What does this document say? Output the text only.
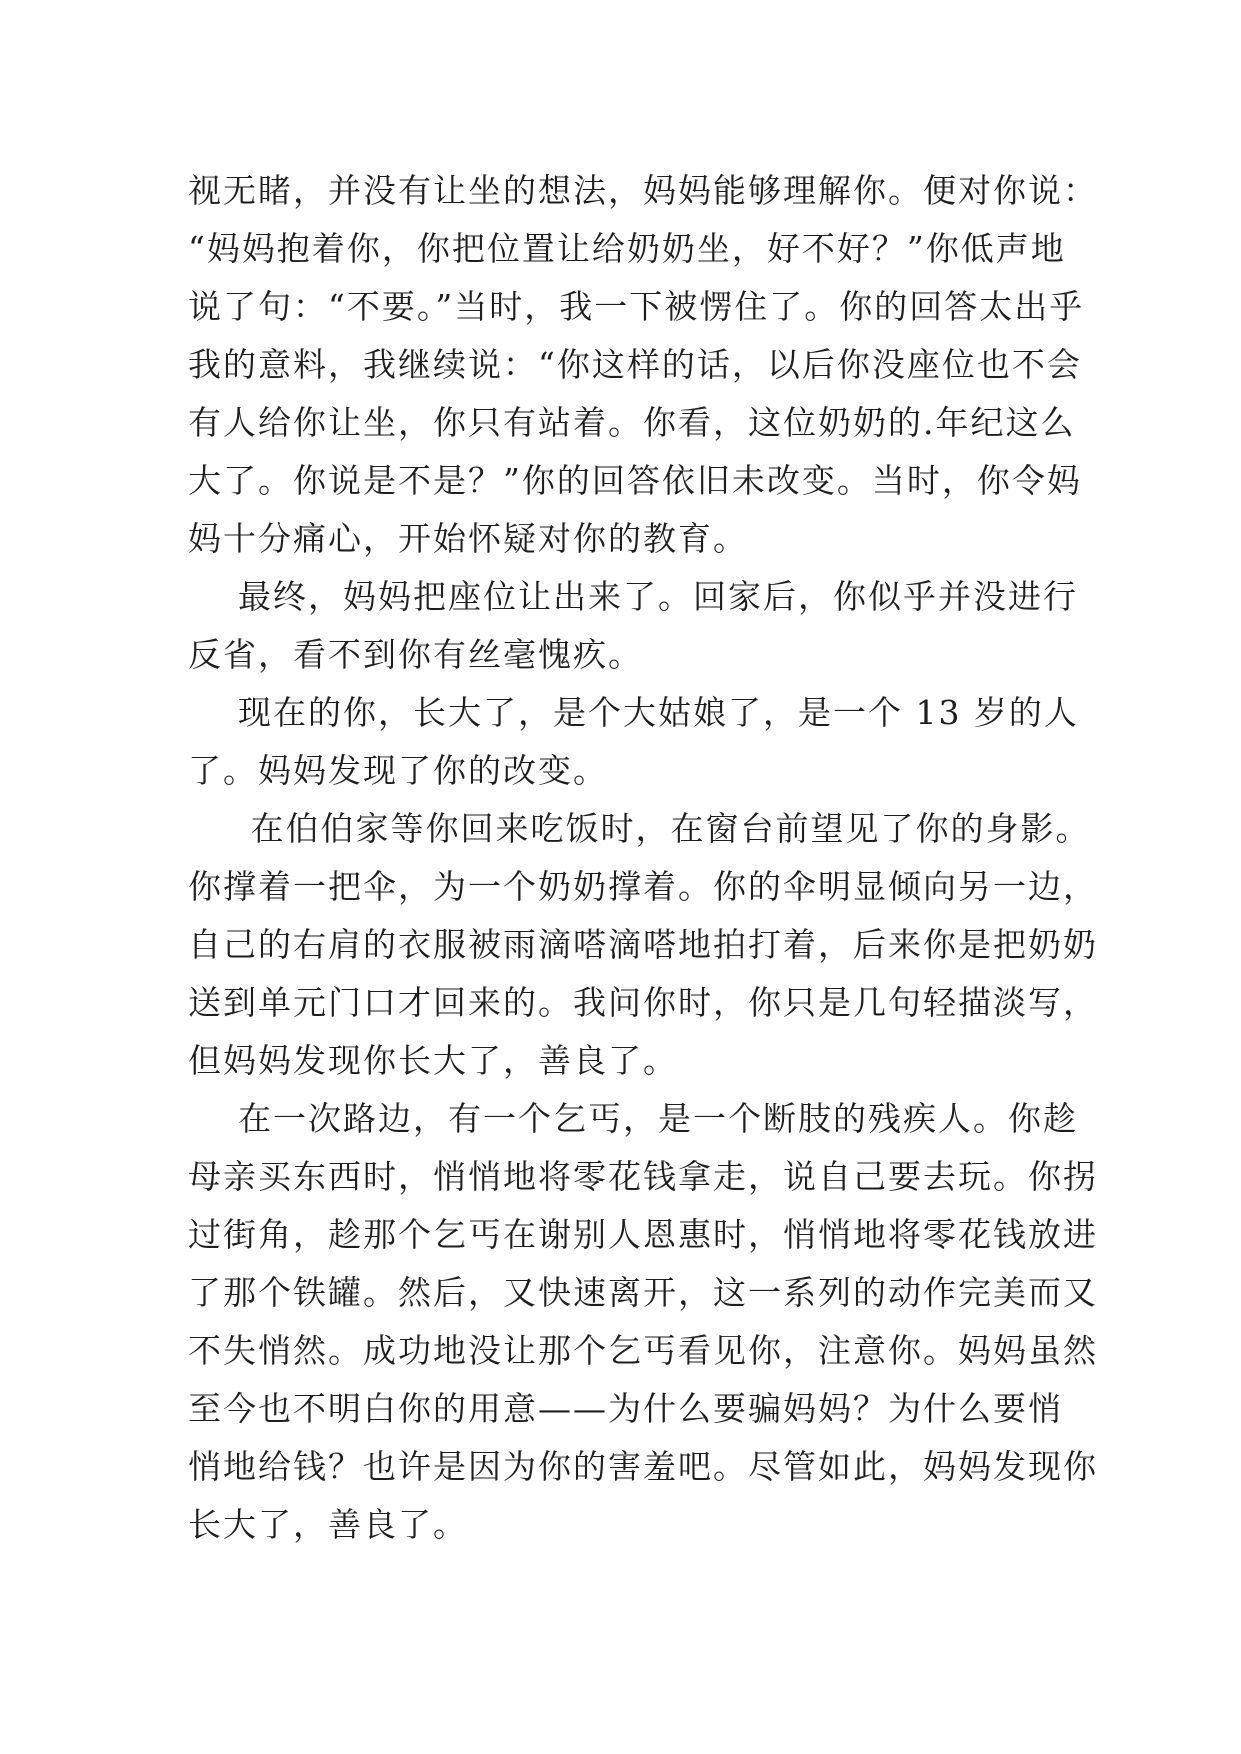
视无睹，并没有让坐的想法，妈妈能够理解你。便对你说：
“妈妈抱着你，你把位置让给奶奶坐，好不好？”你低声地
说了句：“不要。”当时，我一下被愣住了。你的回答太出乎
我的意料，我继续说：“你这样的话，以后你没座位也不会
有人给你让坐，你只有站着。你看，这位奶奶的.年纪这么
大了。你说是不是？”你的回答依旧未改变。当时，你令妈
妈十分痛心，开始怀疑对你的教育。
最终，妈妈把座位让出来了。回家后，你似乎并没进行
反省，看不到你有丝毫愧疚。
现在的你，长大了，是个大姑娘了，是一个 13 岁的人
了。妈妈发现了你的改变。
在伯伯家等你回来吃饭时，在窗台前望见了你的身影。
你撑着一把伞，为一个奶奶撑着。你的伞明显倾向另一边，
自己的右肩的衣服被雨滴嗒滴嗒地拍打着，后来你是把奶奶
送到单元门口才回来的。我问你时，你只是几句轻描淡写，
但妈妈发现你长大了，善良了。
在一次路边，有一个乞丐，是一个断肢的残疾人。你趁
母亲买东西时，悄悄地将零花钱拿走，说自己要去玩。你拐
过街角，趁那个乞丐在谢别人恩惠时，悄悄地将零花钱放进
了那个铁罐。然后，又快速离开，这一系列的动作完美而又
不失悄然。成功地没让那个乞丐看见你，注意你。妈妈虽然
至今也不明白你的用意——为什么要骗妈妈？为什么要悄
悄地给钱？也许是因为你的害羞吧。尽管如此，妈妈发现你
长大了，善良了。
